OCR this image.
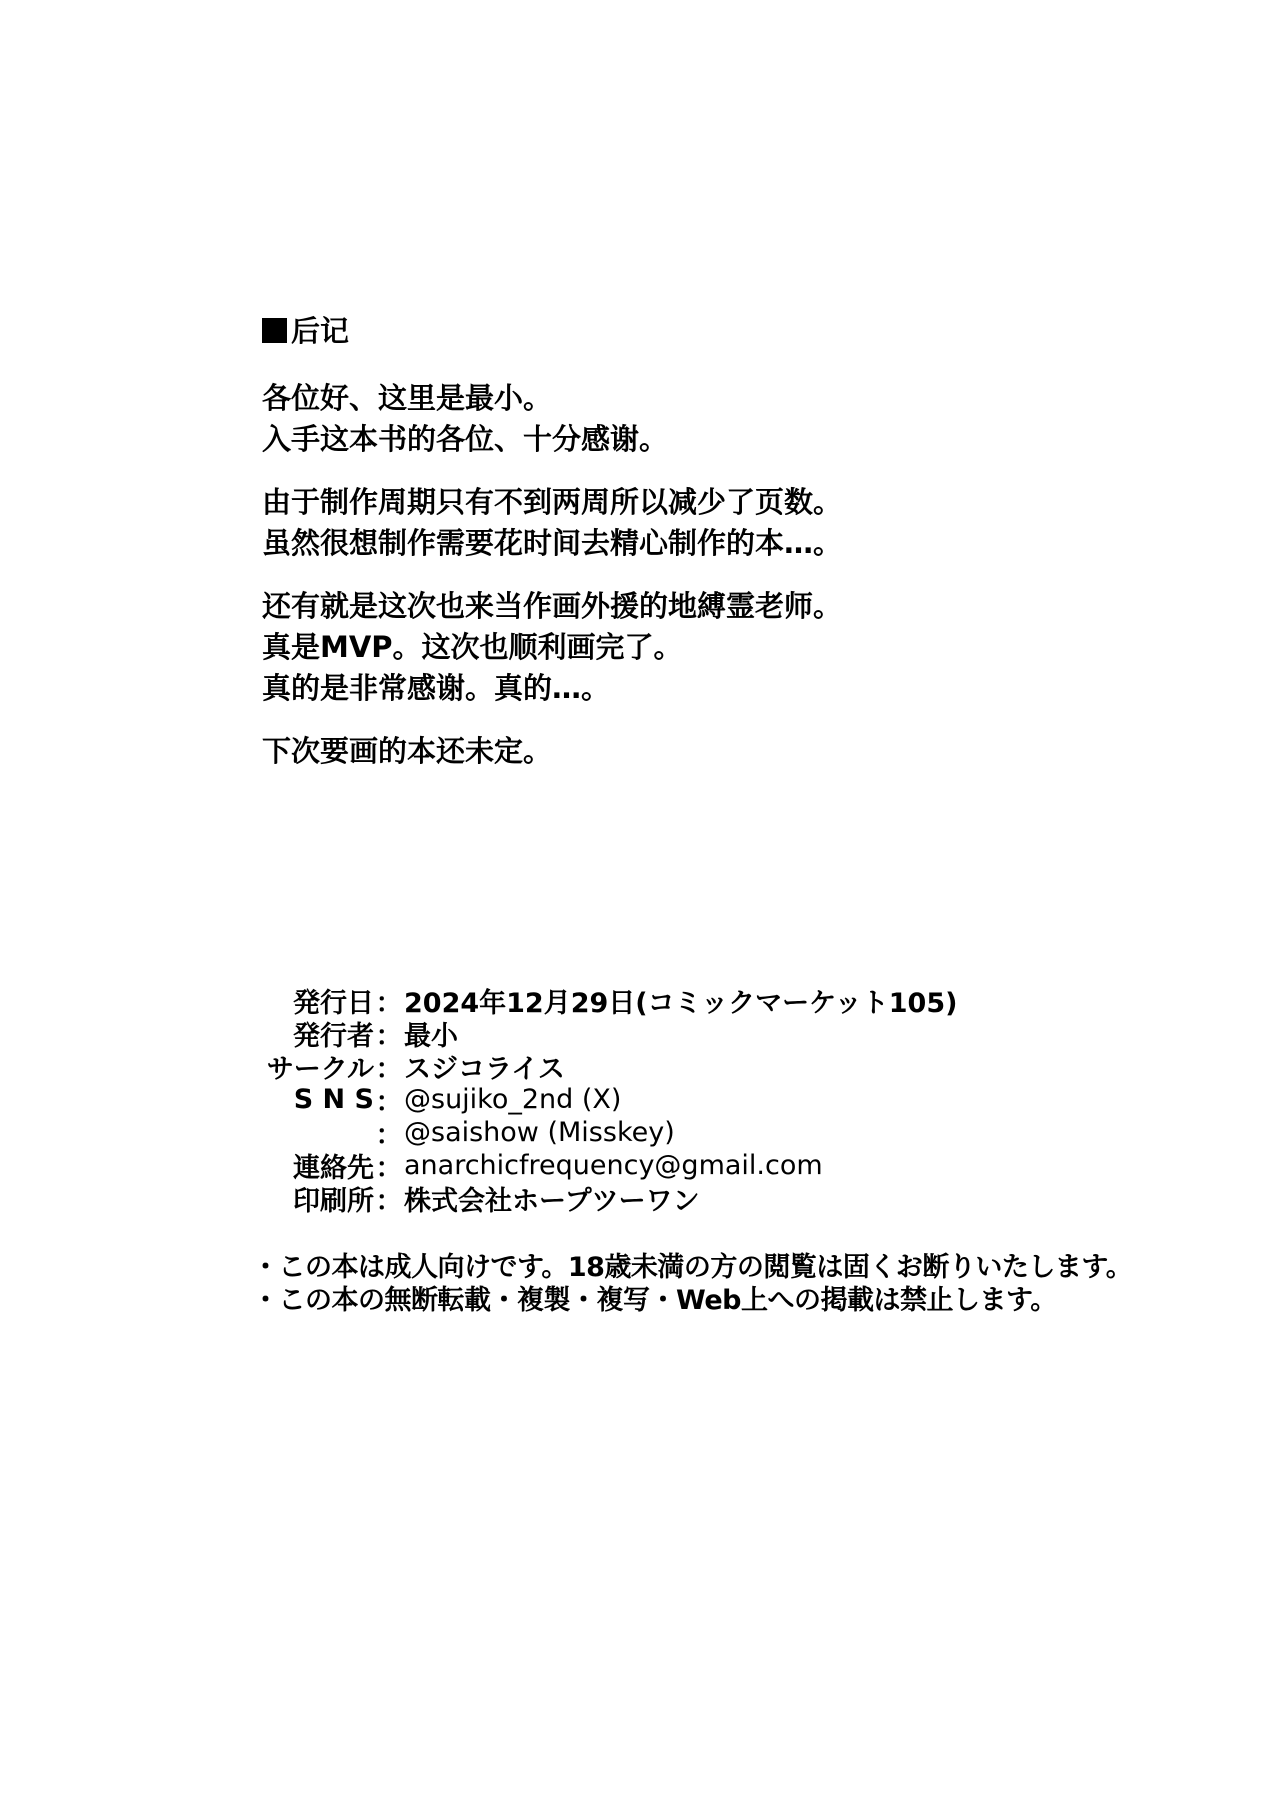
后记
各位好、这里是最小。
入手这本书的各位、十分感谢。
由于制作周期只有不到两周所以减少了页数。
虽然很想制作需要花时间去精心制作的本…。
还有就是这次也来当作画外援的地縛霊老师。
真是MVP。这次也顺利画完了。
真的是非常感谢。真的…。
下次要画的本还未定。
発行日 ： 2024年12月29日(コミックマーケット105)
発行者 ： 最小
サークル ： スジコライス
S N S ： @sujiko_2nd (X)
： @saishow (Misskey)
連絡先 ： anarchicfrequency@gmail.com
印刷所 ： 株式会社ホープツーワン
・この本は成人向けです。18歳未満の方の閲覧は固くお断りいたします。
・この本の無断転載・複製・複写・Web上への掲載は禁止します。
